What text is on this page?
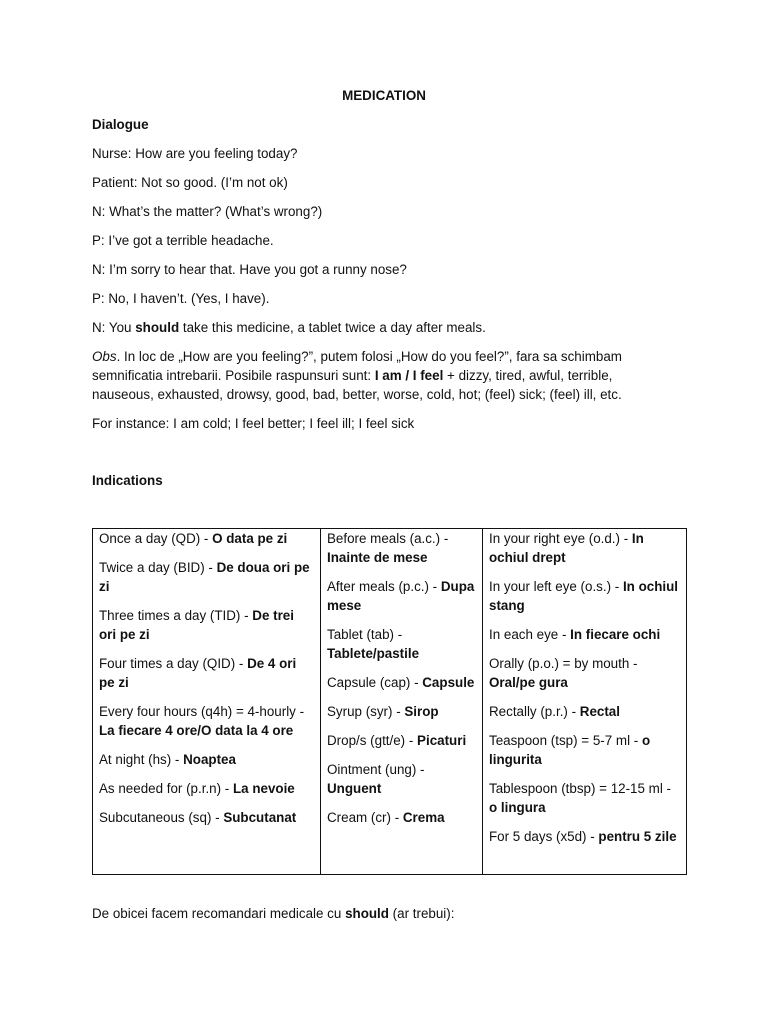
MEDICATION
Dialogue
Nurse: How are you feeling today?
Patient: Not so good. (I’m not ok)
N: What’s the matter? (What’s wrong?)
P: I’ve got a terrible headache.
N: I’m sorry to hear that. Have you got a runny nose?
P: No, I haven’t. (Yes, I have).
N: You should take this medicine, a tablet twice a day after meals.
Obs. In loc de „How are you feeling?”, putem folosi „How do you feel?”, fara sa schimbam semnificatia intrebarii. Posibile raspunsuri sunt: I am / I feel + dizzy, tired, awful, terrible, nauseous, exhausted, drowsy, good, bad, better, worse, cold, hot; (feel) sick; (feel) ill, etc.
For instance: I am cold; I feel better; I feel ill; I feel sick
Indications
Once a day (QD) - O data pe zi
Twice a day (BID) - De doua ori pe zi
Three times a day (TID) - De trei ori pe zi
Four times a day (QID) - De 4 ori pe zi
Every four hours (q4h) = 4-hourly - La fiecare 4 ore/O data la 4 ore
At night (hs) - Noaptea
As needed for (p.r.n) - La nevoie
Subcutaneous (sq) - Subcutanat

Before meals (a.c.) - Inainte de mese
After meals (p.c.) - Dupa mese
Tablet (tab) - Tablete/pastile
Capsule (cap) - Capsule
Syrup (syr) - Sirop
Drop/s (gtt/e) - Picaturi
Ointment (ung) - Unguent
Cream (cr) - Crema

In your right eye (o.d.) - In ochiul drept
In your left eye (o.s.) - In ochiul stang
In each eye - In fiecare ochi
Orally (p.o.) = by mouth - Oral/pe gura
Rectally (p.r.) - Rectal
Teaspoon (tsp) = 5-7 ml - o lingurita
Tablespoon (tbsp) = 12-15 ml - o lingura
For 5 days (x5d) - pentru 5 zile
De obicei facem recomandari medicale cu should (ar trebui):
